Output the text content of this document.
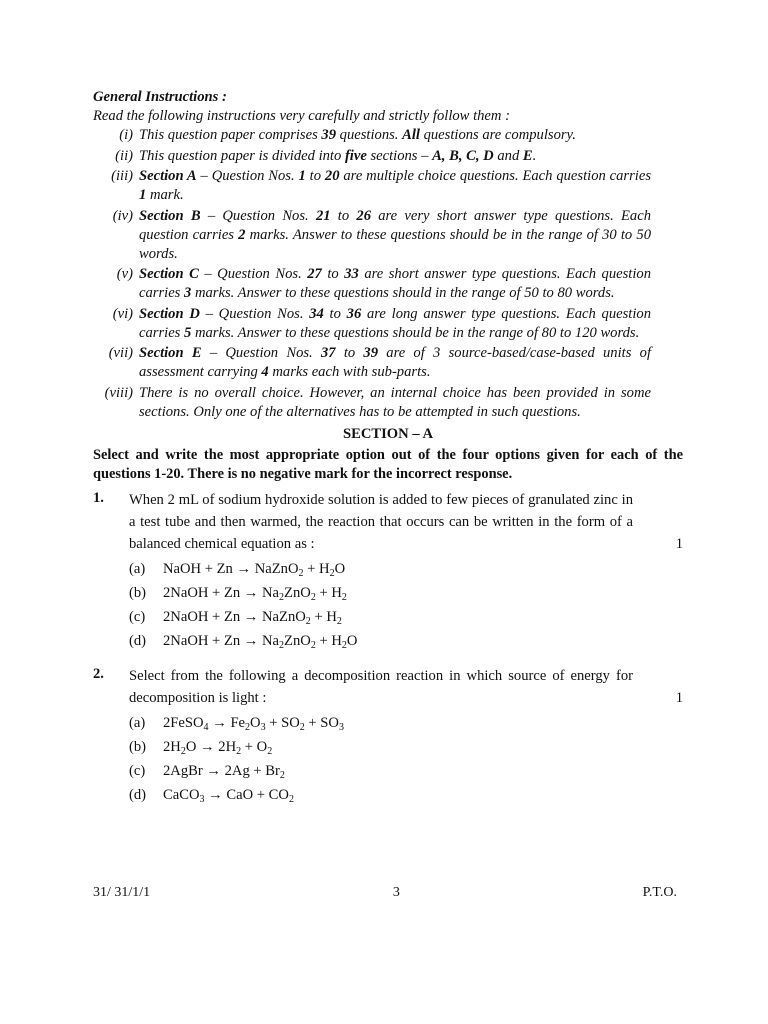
General Instructions :

Read the following instructions very carefully and strictly follow them :

(i) This question paper comprises 39 questions. All questions are compulsory.
(ii) This question paper is divided into five sections – A, B, C, D and E.
(iii) Section A – Question Nos. 1 to 20 are multiple choice questions. Each question carries 1 mark.
(iv) Section B – Question Nos. 21 to 26 are very short answer type questions. Each question carries 2 marks. Answer to these questions should be in the range of 30 to 50 words.
(v) Section C – Question Nos. 27 to 33 are short answer type questions. Each question carries 3 marks. Answer to these questions should in the range of 50 to 80 words.
(vi) Section D – Question Nos. 34 to 36 are long answer type questions. Each question carries 5 marks. Answer to these questions should be in the range of 80 to 120 words.
(vii) Section E – Question Nos. 37 to 39 are of 3 source-based/case-based units of assessment carrying 4 marks each with sub-parts.
(viii) There is no overall choice. However, an internal choice has been provided in some sections. Only one of the alternatives has to be attempted in such questions.
SECTION – A

Select and write the most appropriate option out of the four options given for each of the questions 1-20. There is no negative mark for the incorrect response.

1.	When 2 mL of sodium hydroxide solution is added to few pieces of granulated zinc in a test tube and then warmed, the reaction that occurs can be written in the form of a balanced chemical equation as :	1
(a)	NaOH + Zn → NaZnO$_2$ + $H_2O$
(b)	2NaOH + $Zn \to Na_2ZnO_2 + H_2$
(c)	2NaOH + Zn → NaZnO$_2$ + $H_2$
(d)	2NaOH + $Zn \to Na_2ZnO_2 + H_2O$
2.	Select from the following a decomposition reaction in which source of energy for decomposition is light :	1
(a)	2FeSO$_4$ → $Fe_2O_3 + SO_2 + SO_3$
(b)	$2H_2O \to 2H_2 + O_2$
(c)	2AgBr → $2Ag + Br_2$
(d)	CaCO$_3$ → CaO + $CO_2$
31/ 31/1/1	3	P.T.O.
